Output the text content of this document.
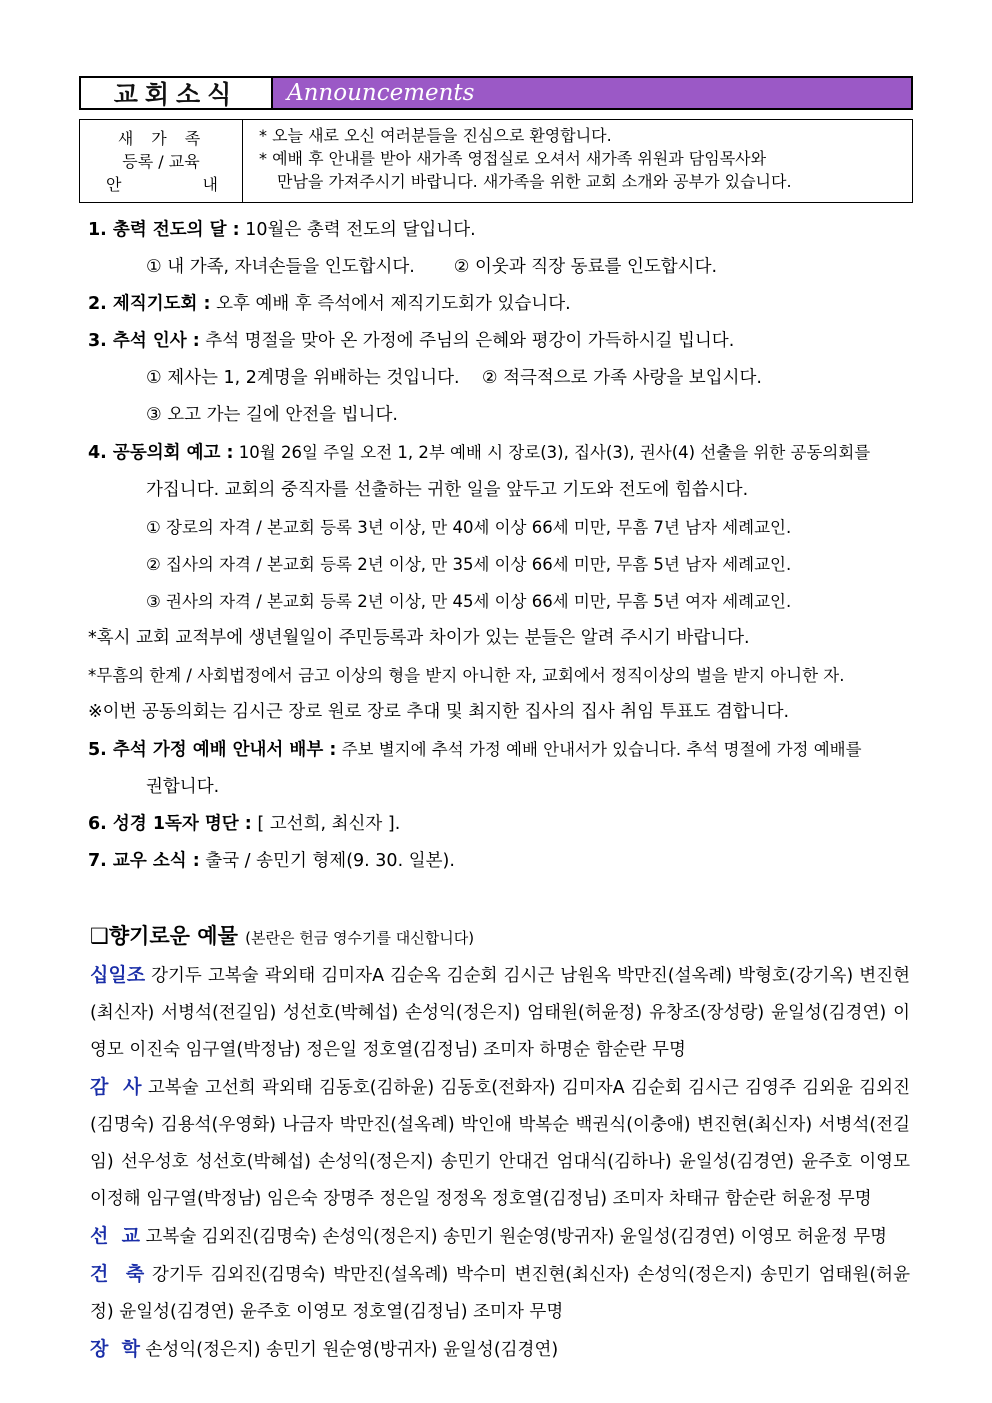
교회소식	Announcements
새가족
등록 / 교육
안	내
* 오늘 새로 오신 여러분들을 진심으로 환영합니다.
* 예배 후 안내를 받아 새가족 영접실로 오셔서 새가족 위원과 담임목사와
만남을 가져주시기 바랍니다. 새가족을 위한 교회 소개와 공부가 있습니다.
1. 총력 전도의 달 : 10월은 총력 전도의 달입니다.
① 내 가족, 자녀손들을 인도합시다.       ② 이웃과 직장 동료를 인도합시다.
2. 제직기도회 : 오후 예배 후 즉석에서 제직기도회가 있습니다.
3. 추석 인사 : 추석 명절을 맞아 온 가정에 주님의 은혜와 평강이 가득하시길 빕니다.
① 제사는 1, 2계명을 위배하는 것입니다.    ② 적극적으로 가족 사랑을 보입시다.
③ 오고 가는 길에 안전을 빕니다.
4. 공동의회 예고 : 10월 26일 주일 오전 1, 2부 예배 시 장로(3), 집사(3), 권사(4) 선출을 위한 공동의회를
가집니다. 교회의 중직자를 선출하는 귀한 일을 앞두고 기도와 전도에 힘씁시다.
① 장로의 자격 / 본교회 등록 3년 이상, 만 40세 이상 66세 미만, 무흠 7년 남자 세례교인.
② 집사의 자격 / 본교회 등록 2년 이상, 만 35세 이상 66세 미만, 무흠 5년 남자 세례교인.
③ 권사의 자격 / 본교회 등록 2년 이상, 만 45세 이상 66세 미만, 무흠 5년 여자 세례교인.
*혹시 교회 교적부에 생년월일이 주민등록과 차이가 있는 분들은 알려 주시기 바랍니다.
*무흠의 한계 / 사회법정에서 금고 이상의 형을 받지 아니한 자, 교회에서 정직이상의 벌을 받지 아니한 자.
※이번 공동의회는 김시근 장로 원로 장로 추대 및 최지한 집사의 집사 취임 투표도 겸합니다.
5. 추석 가정 예배 안내서 배부 : 주보 별지에 추석 가정 예배 안내서가 있습니다. 추석 명절에 가정 예배를
권합니다.
6. 성경 1독자 명단 : [ 고선희, 최신자 ].
7. 교우 소식 : 출국 / 송민기 형제(9. 30. 일본).
❑향기로운 예물 (본란은 헌금 영수기를 대신합니다)
십일조 강기두 고복술 곽외태 김미자A 김순옥 김순회 김시근 남원옥 박만진(설옥례) 박형호(강기옥) 변진현(최신자) 서병석(전길임) 성선호(박혜섭) 손성익(정은지) 엄태원(허윤정) 유창조(장성랑) 윤일성(김경연) 이영모 이진숙 임구열(박정남) 정은일 정호열(김정님) 조미자 하명순 함순란 무명
감  사 고복술 고선희 곽외태 김동호(김하윤) 김동호(전화자) 김미자A 김순회 김시근 김영주 김외윤 김외진(김명숙) 김용석(우영화) 나금자 박만진(설옥례) 박인애 박복순 백권식(이충애) 변진현(최신자) 서병석(전길임) 선우성호 성선호(박혜섭) 손성익(정은지) 송민기 안대건 엄대식(김하나) 윤일성(김경연) 윤주호 이영모 이정해 임구열(박정남) 임은숙 장명주 정은일 정정옥 정호열(김정님) 조미자 차태규 함순란 허윤정 무명
선  교 고복술 김외진(김명숙) 손성익(정은지) 송민기 원순영(방귀자) 윤일성(김경연) 이영모 허윤정 무명
건  축 강기두 김외진(김명숙) 박만진(설옥례) 박수미 변진현(최신자) 손성익(정은지) 송민기 엄태원(허윤정) 윤일성(김경연) 윤주호 이영모 정호열(김정님) 조미자 무명
장  학 손성익(정은지) 송민기 원순영(방귀자) 윤일성(김경연)
